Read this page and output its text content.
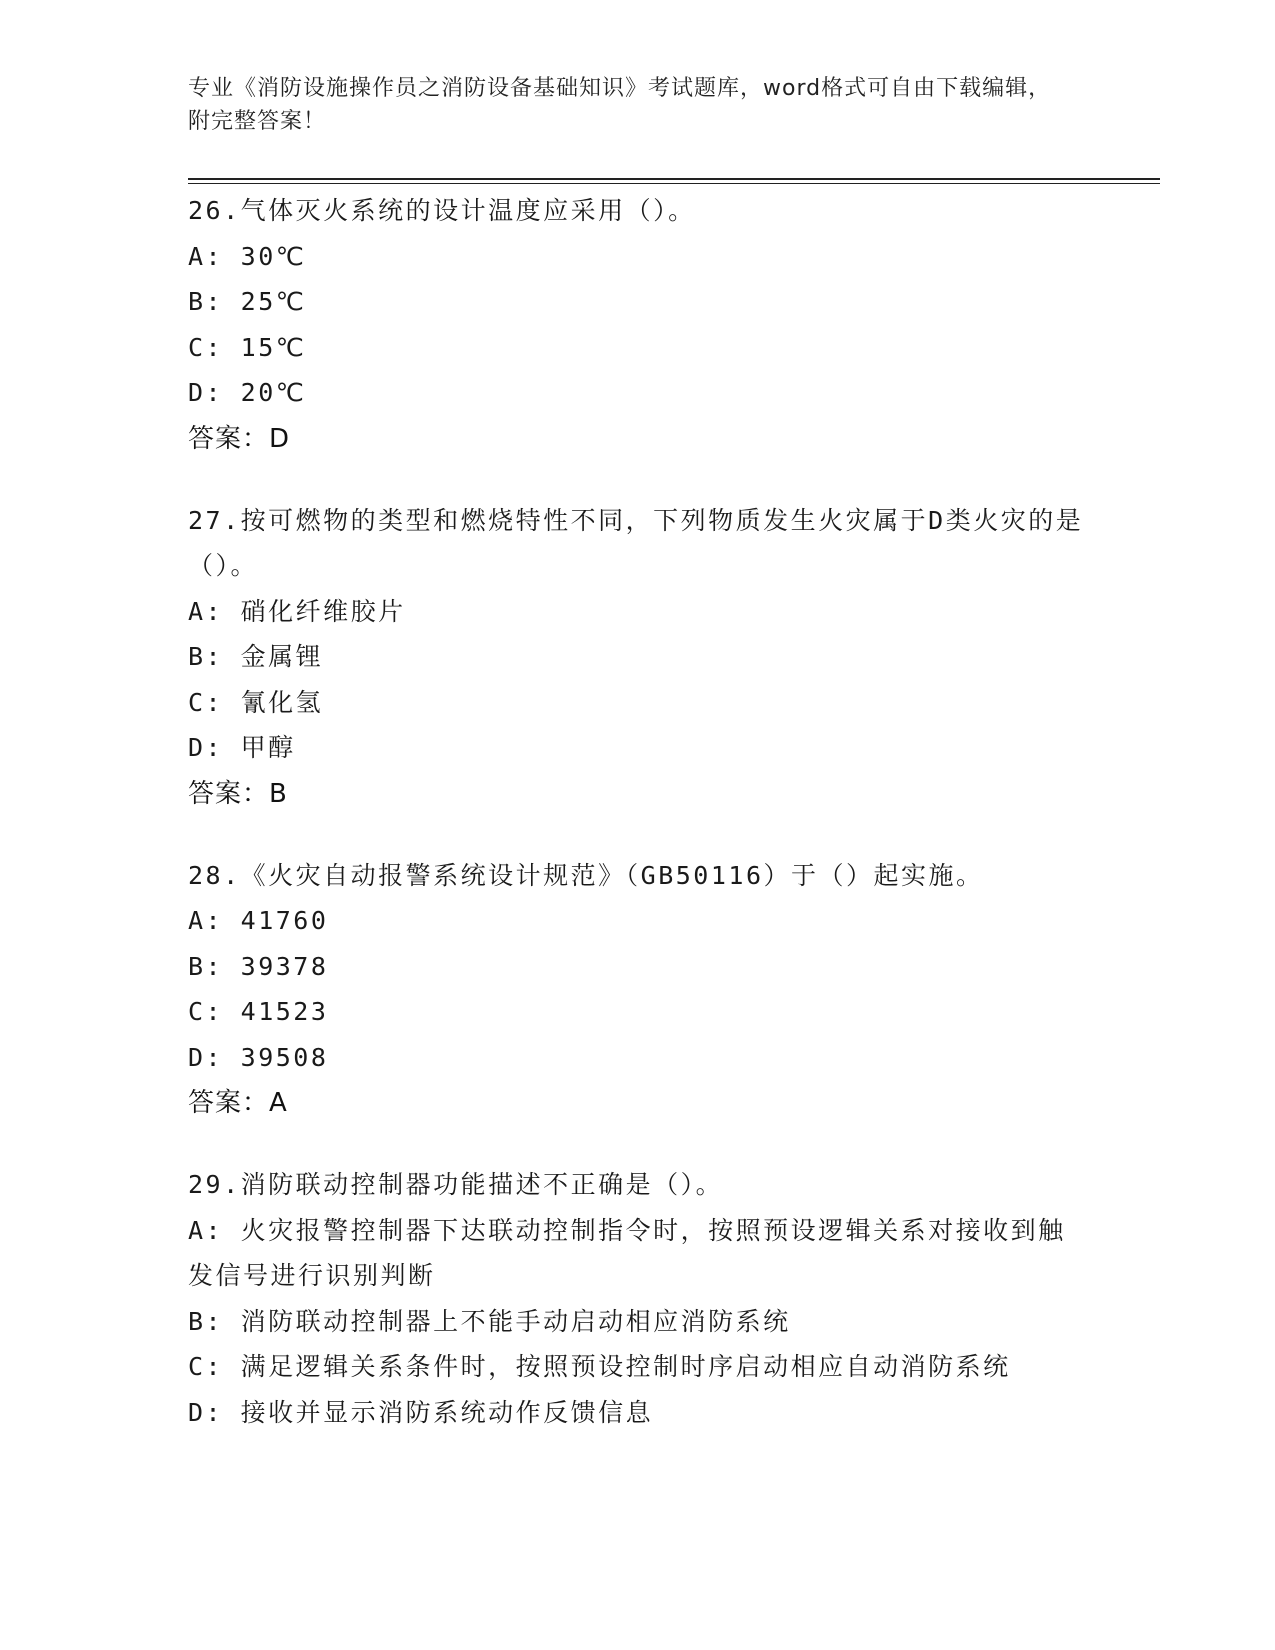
专业《消防设施操作员之消防设备基础知识》考试题库，word格式可自由下载编辑，附完整答案！
26.气体灭火系统的设计温度应采用（）。
A: 30℃
B: 25℃
C: 15℃
D: 20℃
答案：D
27.按可燃物的类型和燃烧特性不同，下列物质发生火灾属于D类火灾的是（）。
A: 硝化纤维胶片
B: 金属锂
C: 氰化氢
D: 甲醇
答案：B
28.《火灾自动报警系统设计规范》（GB50116）于（）起实施。
A: 41760
B: 39378
C: 41523
D: 39508
答案：A
29.消防联动控制器功能描述不正确是（）。
A: 火灾报警控制器下达联动控制指令时，按照预设逻辑关系对接收到触发信号进行识别判断
B: 消防联动控制器上不能手动启动相应消防系统
C: 满足逻辑关系条件时，按照预设控制时序启动相应自动消防系统
D: 接收并显示消防系统动作反馈信息
